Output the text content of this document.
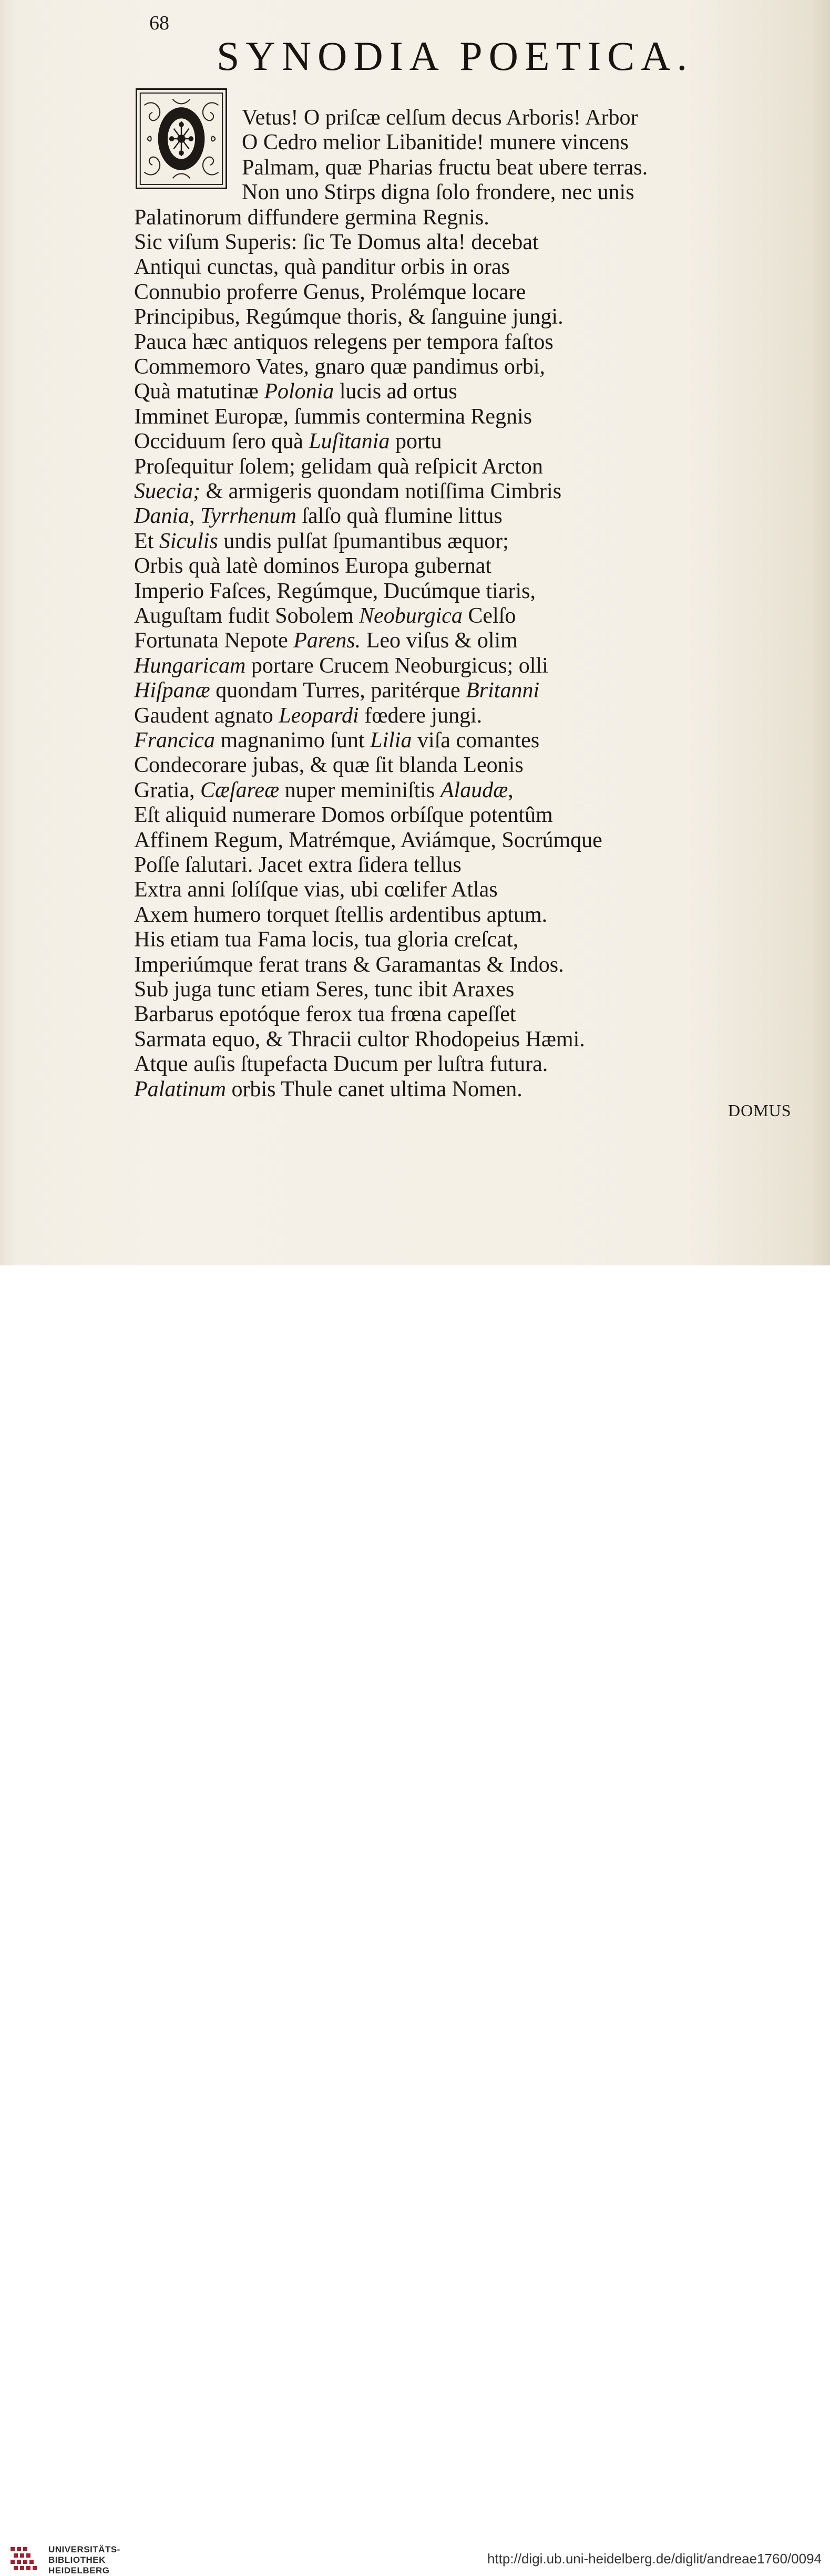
68
SYNODIA POETICA.
Vetus! O priſcæ celſum decus Arboris! Arbor
O Cedro melior Libanitide! munere vincens
Palmam, quæ Pharias fructu beat ubere terras.
Non uno Stirps digna ſolo frondere, nec unis
Palatinorum diffundere germina Regnis.
Sic viſum Superis: ſic Te Domus alta! decebat
Antiqui cunctas, quà panditur orbis in oras
Connubio proferre Genus, Prolémque locare
Principibus, Regúmque thoris, & ſanguine jungi.
Pauca hæc antiquos relegens per tempora faſtos
Commemoro Vates, gnaro quæ pandimus orbi,
Quà matutinæ Polonia lucis ad ortus
Imminet Europæ, ſummis contermina Regnis
Occiduum ſero quà Luſitania portu
Proſequitur ſolem; gelidam quà reſpicit Arcton
Suecia; & armigeris quondam notiſſima Cimbris
Dania, Tyrrhenum ſalſo quà flumine littus
Et Siculis undis pulſat ſpumantibus æquor;
Orbis quà latè dominos Europa gubernat
Imperio Faſces, Regúmque, Ducúmque tiaris,
Auguſtam fudit Sobolem Neoburgica Celſo
Fortunata Nepote Parens. Leo viſus & olim
Hungaricam portare Crucem Neoburgicus; olli
Hiſpanæ quondam Turres, paritérque Britanni
Gaudent agnato Leopardi fœdere jungi.
Francica magnanimo ſunt Lilia viſa comantes
Condecorare jubas, & quæ ſit blanda Leonis
Gratia, Cæſareæ nuper meminiſtis Alaudæ,
Eſt aliquid numerare Domos orbíſque potentûm
Affinem Regum, Matrémque, Aviámque, Socrúmque
Poſſe ſalutari. Jacet extra ſidera tellus
Extra anni ſolíſque vias, ubi cœlifer Atlas
Axem humero torquet ſtellis ardentibus aptum.
His etiam tua Fama locis, tua gloria creſcat,
Imperiúmque ferat trans & Garamantas & Indos.
Sub juga tunc etiam Seres, tunc ibit Araxes
Barbarus epotóque ferox tua frœna capeſſet
Sarmata equo, & Thracii cultor Rhodopeius Hæmi.
Atque auſis ſtupefacta Ducum per luſtra futura.
Palatinum orbis Thule canet ultima Nomen.
DOMUS
UNIVERSITÄTS-
BIBLIOTHEK
HEIDELBERG
http://digi.ub.uni-heidelberg.de/diglit/andreae1760/0094
